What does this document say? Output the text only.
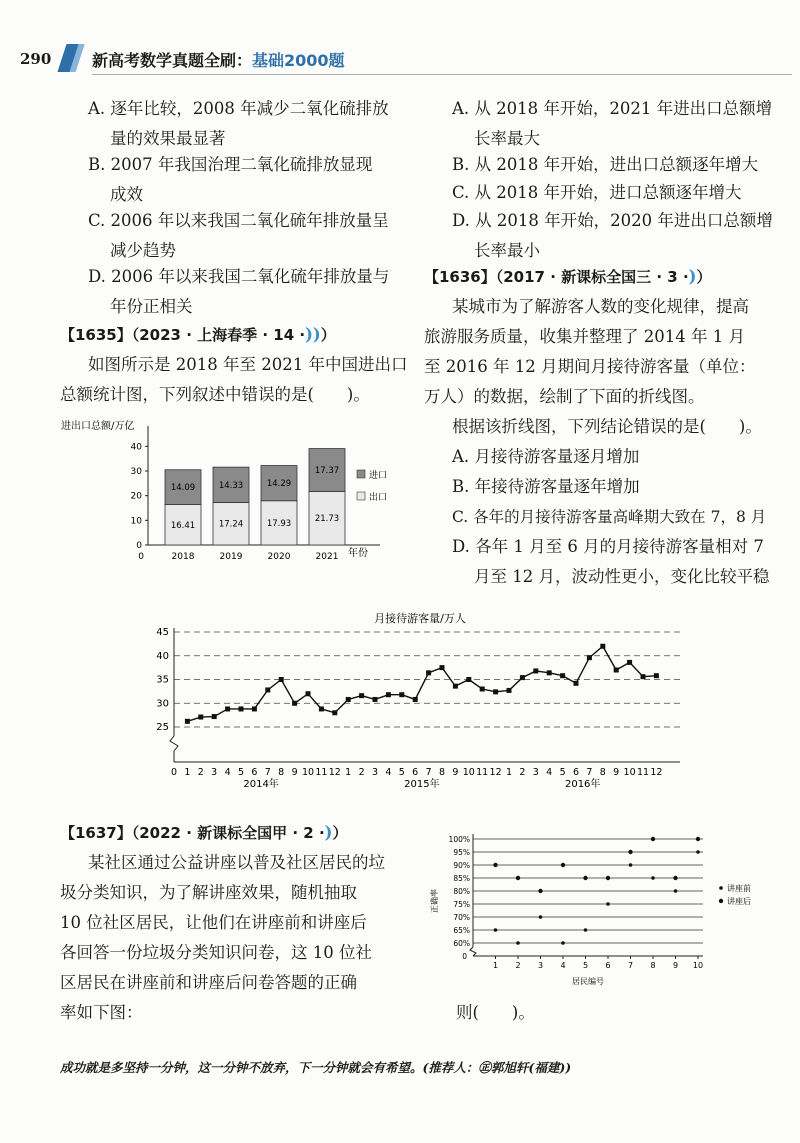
290	新高考数学真题全刷：基础2000题
A. 逐年比较，2008 年减少二氧化硫排放
量的效果最显著
B. 2007 年我国治理二氧化硫排放显现
成效
C. 2006 年以来我国二氧化硫年排放量呈
减少趋势
D. 2006 年以来我国二氧化硫年排放量与
年份正相关
【1635】（2023 · 上海春季 · 14 ·))）
如图所示是 2018 年至 2021 年中国进出口
总额统计图，下列叙述中错误的是(　　)。
进出口总额/万亿
年份
0
10
20
30
40
0
16.41
14.09
2018
17.24
14.33
2019
17.93
14.29
2020
21.73
17.37
2021
进口
出口
A. 从 2018 年开始，2021 年进出口总额增
长率最大
B. 从 2018 年开始，进出口总额逐年增大
C. 从 2018 年开始，进口总额逐年增大
D. 从 2018 年开始，2020 年进出口总额增
长率最小
【1636】（2017 · 新课标全国三 · 3 ·)）
某城市为了解游客人数的变化规律，提高
旅游服务质量，收集并整理了 2014 年 1 月
至 2016 年 12 月期间月接待游客量（单位：
万人）的数据，绘制了下面的折线图。
根据该折线图，下列结论错误的是(　　)。
A. 月接待游客量逐月增加
B. 年接待游客量逐年增加
C. 各年的月接待游客量高峰期大致在 7，8 月
D. 各年 1 月至 6 月的月接待游客量相对 7
月至 12 月，波动性更小，变化比较平稳
月接待游客量/万人
25
30
35
40
45
0 1 2 3 4 5 6 7 8 9 10 11 12 1 2 3 4 5 6 7 8 9 10 11 12 1 2 3 4 5 6 7 8 9 10 11 12
2014年	2015年	2016年
【1637】（2022 · 新课标全国甲 · 2 ·)）
某社区通过公益讲座以普及社区居民的垃
圾分类知识，为了解讲座效果，随机抽取
10 位社区居民，让他们在讲座前和讲座后
各回答一份垃圾分类知识问卷，这 10 位社
区居民在讲座前和讲座后问卷答题的正确
率如下图：	则(　　)。
正确率
居民编号
60%
65%
70%
75%
80%
85%
90%
95%
100%
0
1 2 3 4 5 6 7 8 9 10
讲座前
讲座后
成功就是多坚持一分钟，这一分钟不放弃，下一分钟就会有希望。(推荐人：㊣郭旭轩(福建))
